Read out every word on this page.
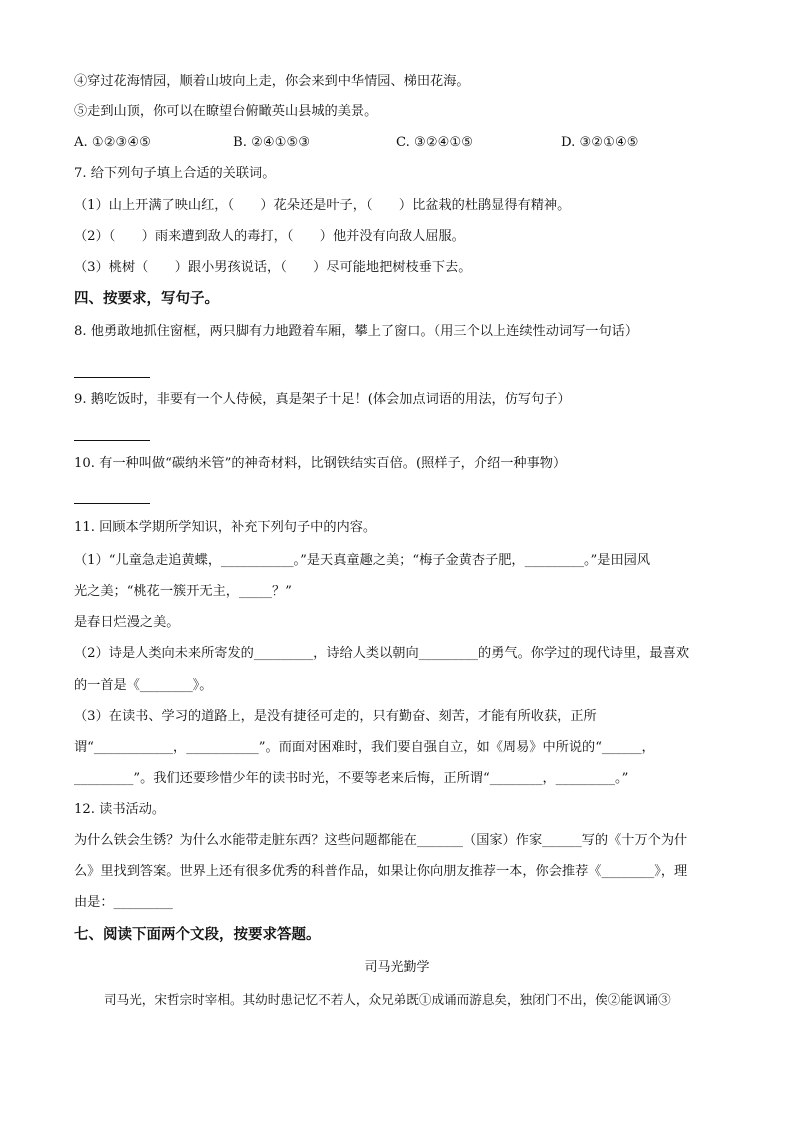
④穿过花海情园，顺着山坡向上走，你会来到中华情园、梯田花海。
⑤走到山顶，你可以在瞭望台俯瞰英山县城的美景。
A. ①②③④⑤	B. ②④①⑤③	C. ③②④①⑤	D. ③②①④⑤
7. 给下列句子填上合适的关联词。
（1）山上开满了映山红，（　　）花朵还是叶子，（　　）比盆栽的杜鹃显得有精神。
（2）（　　）雨来遭到敌人的毒打，（　　）他并没有向敌人屈服。
（3）桃树（　　）跟小男孩说话，（　　）尽可能地把树枝垂下去。
四、按要求，写句子。
8. 他勇敢地抓住窗框，两只脚有力地蹬着车厢，攀上了窗口。（用三个以上连续性动词写一句话）
9. 鹅吃饭时，非要有一个人侍候，真是架子十足！(体会加点词语的用法，仿写句子）
10. 有一种叫做“碳纳米管”的神奇材料，比钢铁结实百倍。(照样子，介绍一种事物）
11. 回顾本学期所学知识，补充下列句子中的内容。
（1）“儿童急走追黄蝶，___________。”是天真童趣之美；“梅子金黄杏子肥，_________。”是田园风
光之美；“桃花一簇开无主，_____？”
是春日烂漫之美。
（2）诗是人类向未来所寄发的_________，诗给人类以朝向_________的勇气。你学过的现代诗里，最喜欢
的一首是《________》。
（3）在读书、学习的道路上，是没有捷径可走的，只有勤奋、刻苦，才能有所收获，正所
谓“____________，___________”。而面对困难时，我们要自强自立，如《周易》中所说的“______，
_________”。我们还要珍惜少年的读书时光，不要等老来后悔，正所谓“________，_________。”
12. 读书活动。
为什么铁会生锈？为什么水能带走脏东西？这些问题都能在_______（国家）作家______写的《十万个为什
么》里找到答案。世界上还有很多优秀的科普作品，如果让你向朋友推荐一本，你会推荐《________》，理
由是：_________
七、阅读下面两个文段，按要求答题。
司马光勤学
司马光，宋哲宗时宰相。其幼时患记忆不若人，众兄弟既①成诵而游息矣，独闭门不出，俟②能讽诵③
